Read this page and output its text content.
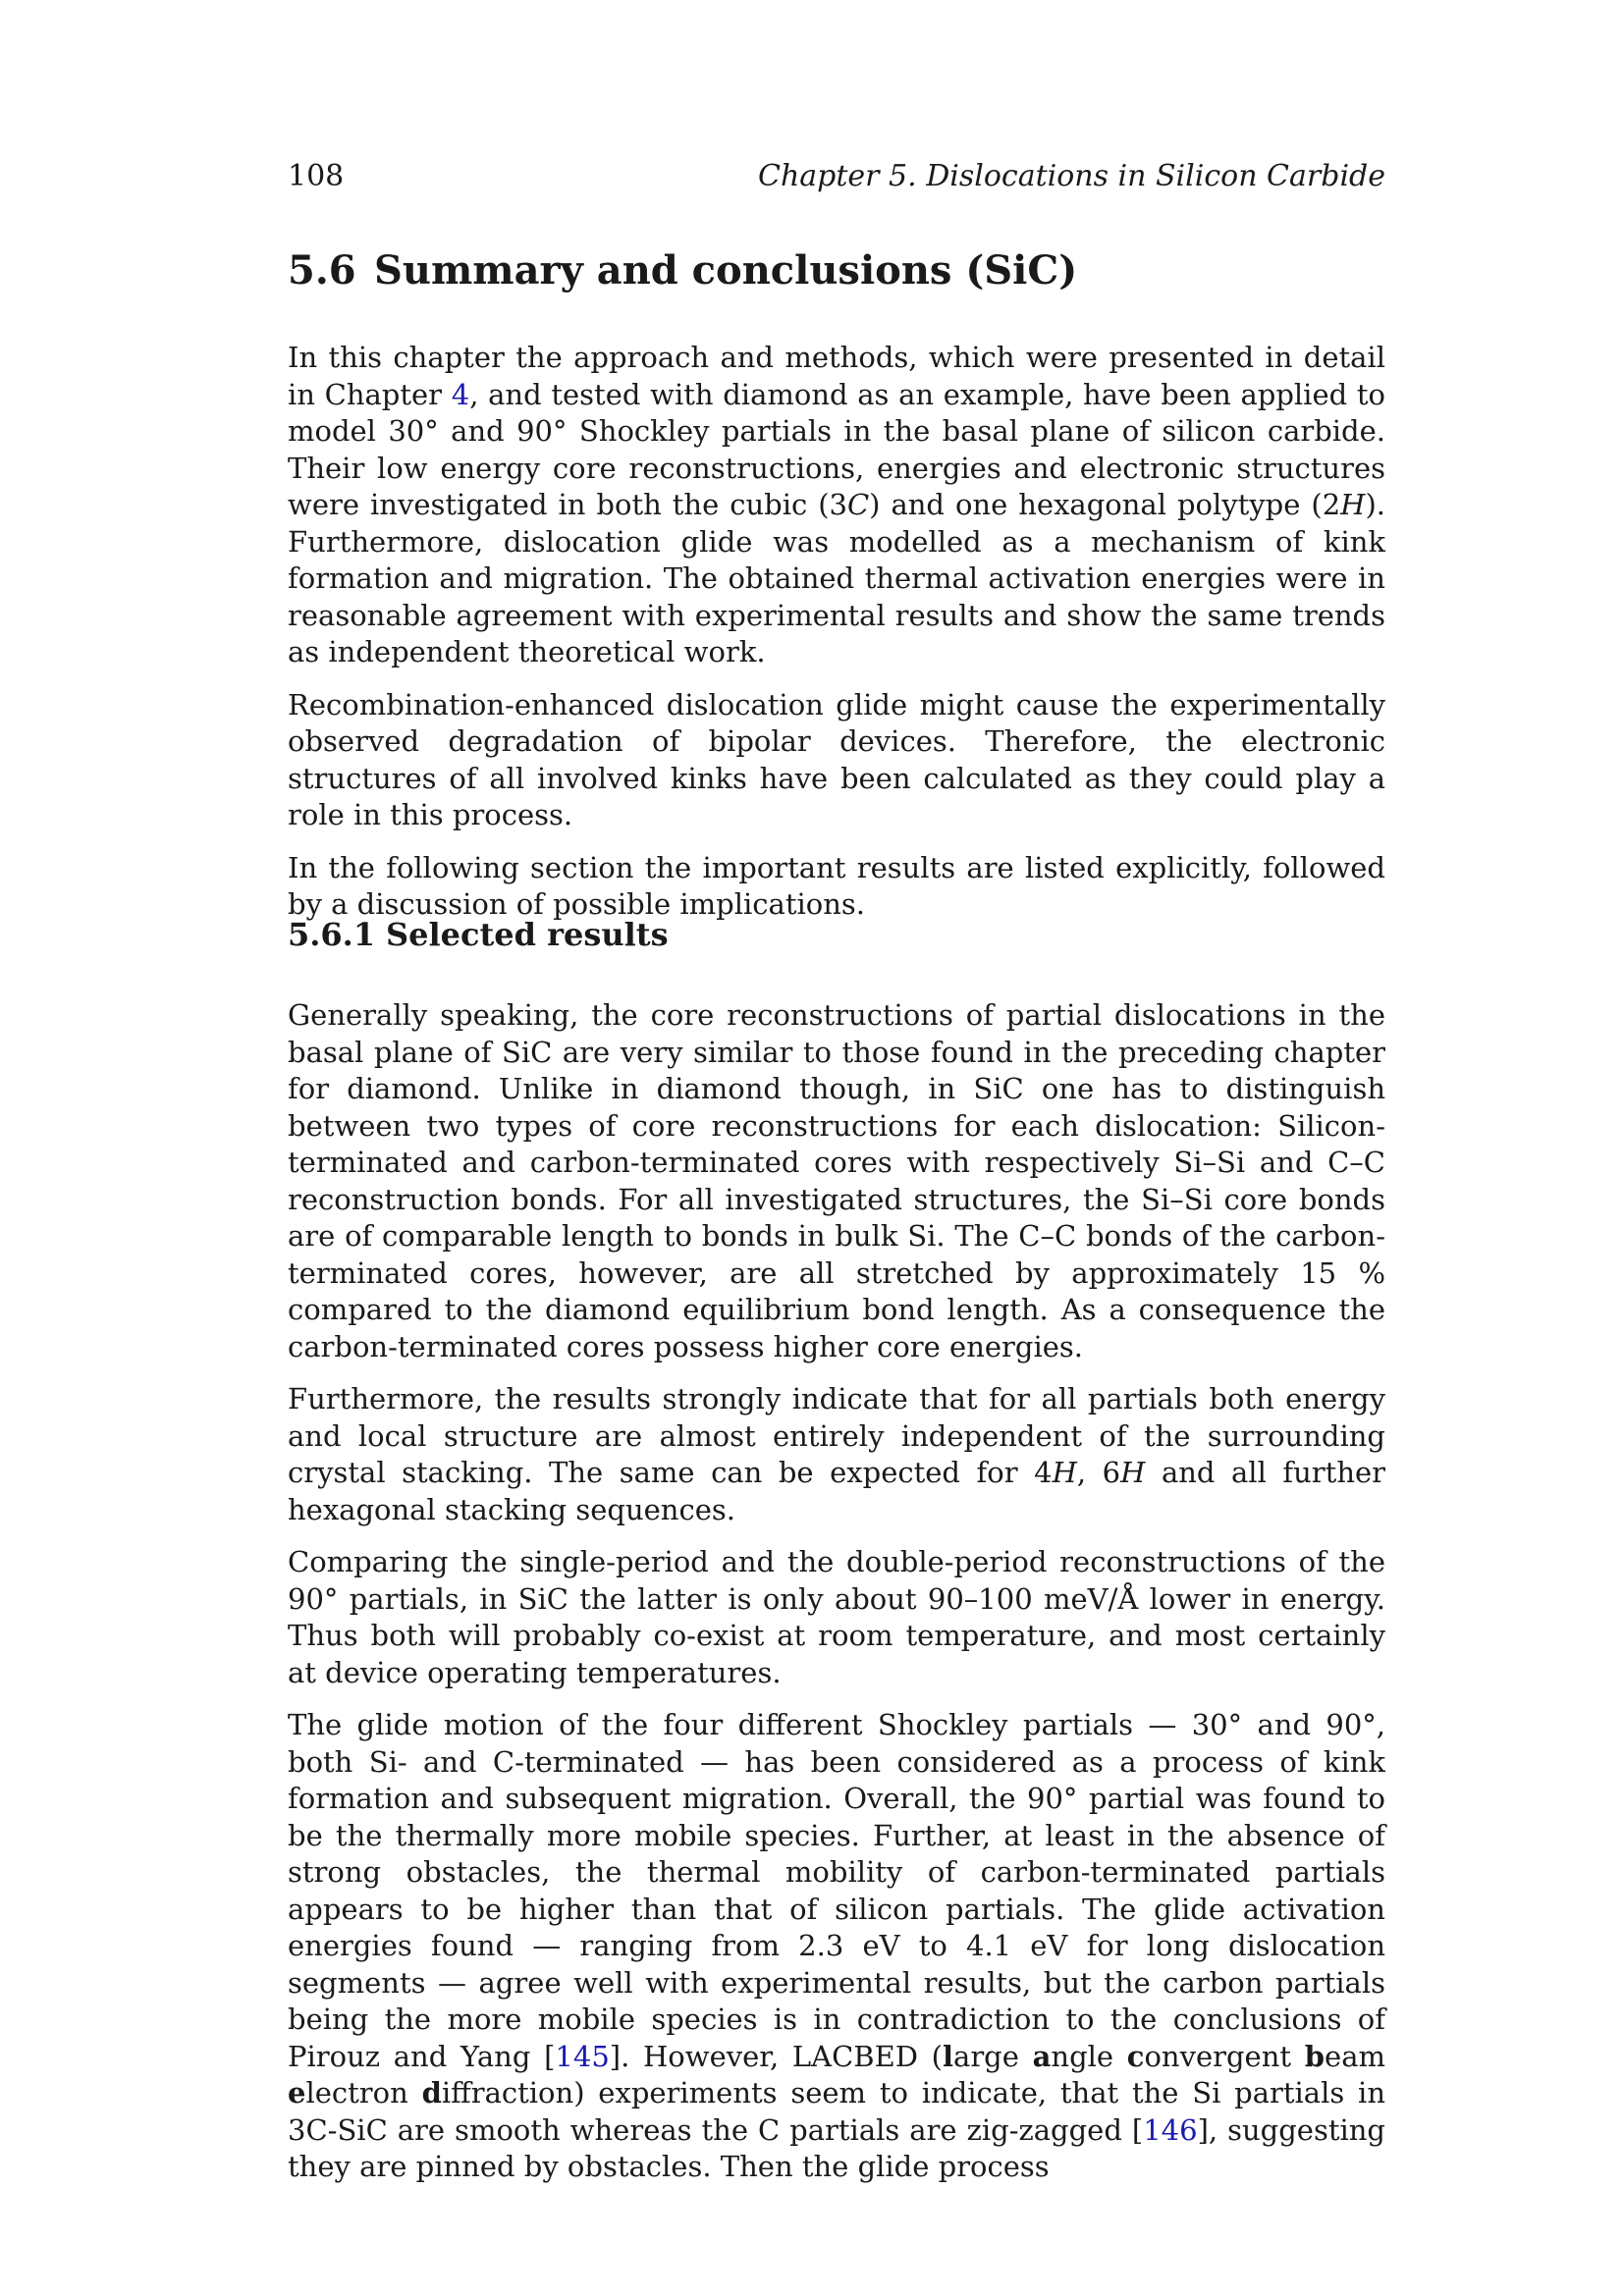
108	Chapter 5. Dislocations in Silicon Carbide
5.6 Summary and conclusions (SiC)

In this chapter the approach and methods, which were presented in detail in Chapter 4, and tested with diamond as an example, have been applied to model 30° and 90° Shockley partials in the basal plane of silicon carbide. Their low energy core reconstructions, energies and electronic structures were investigated in both the cubic (3C) and one hexagonal polytype (2H). Furthermore, dislocation glide was modelled as a mechanism of kink formation and migration. The obtained thermal activation energies were in reasonable agreement with experimental results and show the same trends as independent theoretical work.

Recombination-enhanced dislocation glide might cause the experimentally observed degradation of bipolar devices. Therefore, the electronic structures of all involved kinks have been calculated as they could play a role in this process.

In the following section the important results are listed explicitly, followed by a discussion of possible implications.

5.6.1 Selected results

Generally speaking, the core reconstructions of partial dislocations in the basal plane of SiC are very similar to those found in the preceding chapter for diamond. Unlike in diamond though, in SiC one has to distinguish between two types of core reconstructions for each dislocation: Silicon-terminated and carbon-terminated cores with respectively Si–Si and C–C reconstruction bonds. For all investigated structures, the Si–Si core bonds are of comparable length to bonds in bulk Si. The C–C bonds of the carbon-terminated cores, however, are all stretched by approximately 15 % compared to the diamond equilibrium bond length. As a consequence the carbon-terminated cores possess higher core energies.

Furthermore, the results strongly indicate that for all partials both energy and local structure are almost entirely independent of the surrounding crystal stacking. The same can be expected for 4H, 6H and all further hexagonal stacking sequences.

Comparing the single-period and the double-period reconstructions of the 90° partials, in SiC the latter is only about 90–100 meV/Å lower in energy. Thus both will probably co-exist at room temperature, and most certainly at device operating temperatures.

The glide motion of the four different Shockley partials — 30° and 90°, both Si- and C-terminated — has been considered as a process of kink formation and subsequent migration. Overall, the 90° partial was found to be the thermally more mobile species. Further, at least in the absence of strong obstacles, the thermal mobility of carbon-terminated partials appears to be higher than that of silicon partials. The glide activation energies found — ranging from 2.3 eV to 4.1 eV for long dislocation segments — agree well with experimental results, but the carbon partials being the more mobile species is in contradiction to the conclusions of Pirouz and Yang [145]. However, LACBED (large angle convergent beam electron diffraction) experiments seem to indicate, that the Si partials in 3C-SiC are smooth whereas the C partials are zig-zagged [146], suggesting they are pinned by obstacles. Then the glide process
